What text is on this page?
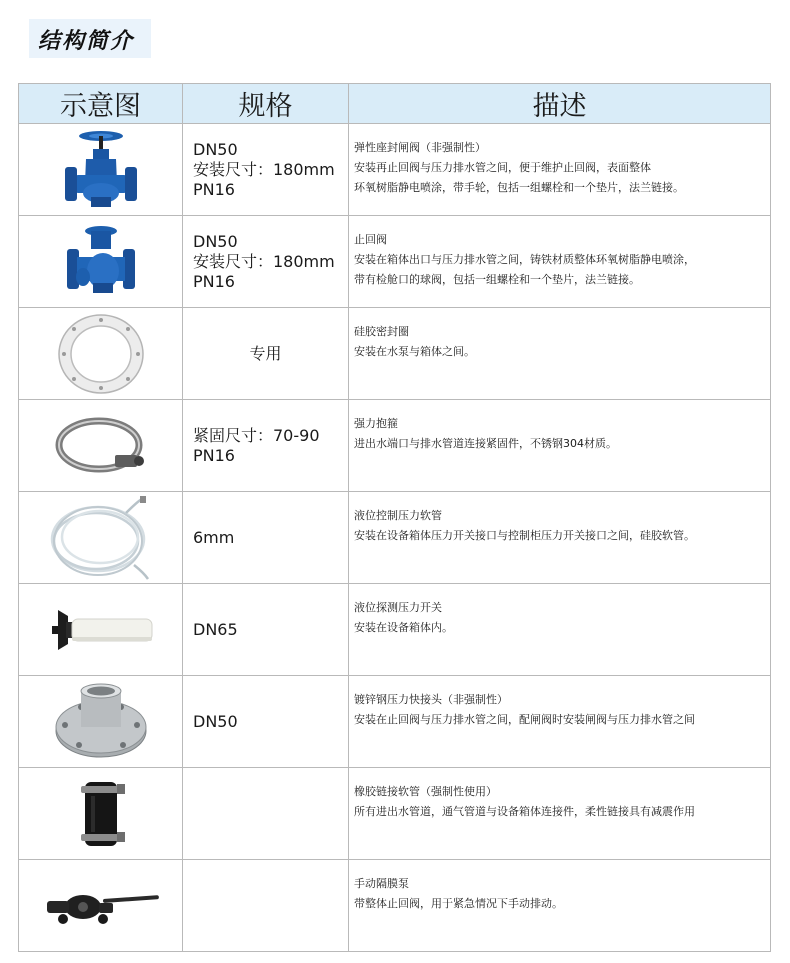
结构简介
示意图	规格	描述

DN50
安装尺寸：180mm
PN16	弹性座封闸阀（非强制性）
安装再止回阀与压力排水管之间，便于维护止回阀，表面整体
环氧树脂静电喷涂，带手轮，包括一组螺栓和一个垫片，法兰链接。

DN50
安装尺寸：180mm
PN16	止回阀
安装在箱体出口与压力排水管之间，铸铁材质整体环氧树脂静电喷涂，
带有检舱口的球阀，包括一组螺栓和一个垫片，法兰链接。

专用	硅胶密封圈
安装在水泵与箱体之间。

紧固尺寸：70-90
PN16	强力抱箍
进出水端口与排水管道连接紧固件，不锈钢304材质。

6mm	液位控制压力软管
安装在设备箱体压力开关接口与控制柜压力开关接口之间，硅胶软管。

DN65	液位探测压力开关
安装在设备箱体内。

DN50	镀锌钢压力快接头（非强制性）
安装在止回阀与压力排水管之间，配闸阀时安装闸阀与压力排水管之间

橡胶链接软管（强制性使用）
所有进出水管道，通气管道与设备箱体连接件，柔性链接具有减震作用

手动隔膜泵
带整体止回阀，用于紧急情况下手动排动。
